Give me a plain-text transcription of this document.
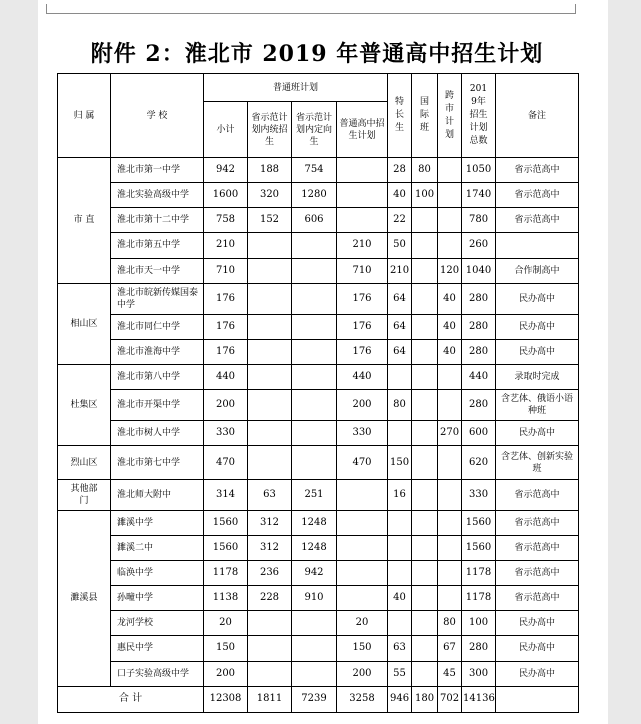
附件 2：淮北市 2019 年普通高中招生计划
归 属	学 校	普通班计划				特长生	国际班	跨市计划	2019年招生计划总数	备注
		小计	省示范计划内统招生	省示范计划内定向生	普通高中招生计划					
市 直	淮北市第一中学	942	188	754		28	80		1050	省示范高中
	淮北实验高级中学	1600	320	1280		40	100		1740	省示范高中
	淮北市第十二中学	758	152	606		22			780	省示范高中
	淮北市第五中学	210			210	50			260	
	淮北市天一中学	710			710	210		120	1040	合作制高中
相山区	淮北市皖新传媒国泰中学	176			176	64		40	280	民办高中
	淮北市同仁中学	176			176	64		40	280	民办高中
	淮北市淮海中学	176			176	64		40	280	民办高中
杜集区	淮北市第八中学	440			440				440	录取时完成
	淮北市开渠中学	200			200	80			280	含艺体、俄语小语种班
	淮北市树人中学	330			330			270	600	民办高中
烈山区	淮北市第七中学	470			470	150			620	含艺体、创新实验班
其他部门	淮北师大附中	314	63	251		16			330	省示范高中
濉溪县	濉溪中学	1560	312	1248					1560	省示范高中
	濉溪二中	1560	312	1248					1560	省示范高中
	临涣中学	1178	236	942					1178	省示范高中
	孙疃中学	1138	228	910		40			1178	省示范高中
	龙河学校	20			20			80	100	民办高中
	惠民中学	150			150	63		67	280	民办高中
	口子实验高级中学	200			200	55		45	300	民办高中
合 计		12308	1811	7239	3258	946	180	702	14136	
